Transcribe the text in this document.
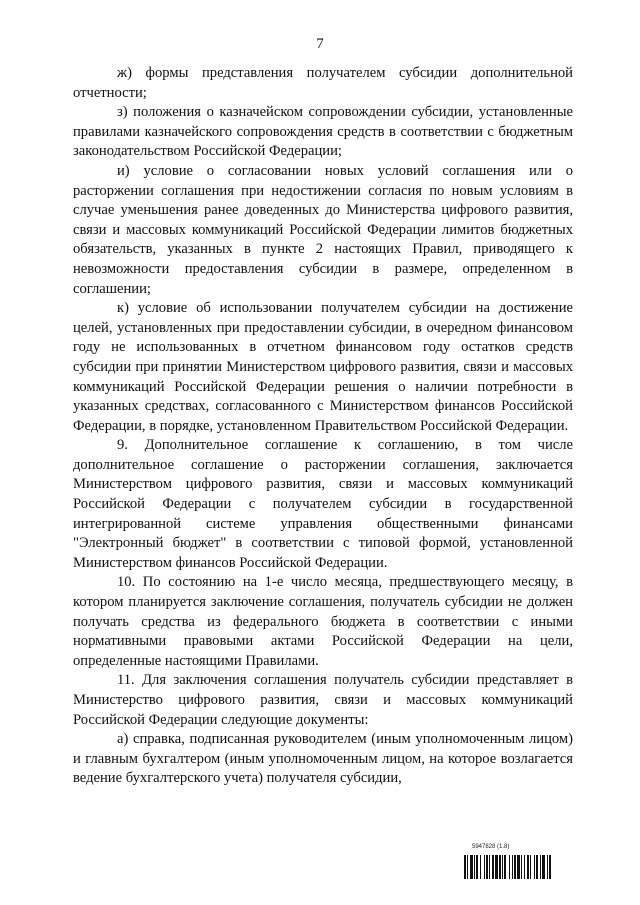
7

ж) формы представления получателем субсидии дополнительной отчетности;

з) положения о казначейском сопровождении субсидии, установленные правилами казначейского сопровождения средств в соответствии с бюджетным законодательством Российской Федерации;

и) условие о согласовании новых условий соглашения или о расторжении соглашения при недостижении согласия по новым условиям в случае уменьшения ранее доведенных до Министерства цифрового развития, связи и массовых коммуникаций Российской Федерации лимитов бюджетных обязательств, указанных в пункте 2 настоящих Правил, приводящего к невозможности предоставления субсидии в размере, определенном в соглашении;

к) условие об использовании получателем субсидии на достижение целей, установленных при предоставлении субсидии, в очередном финансовом году не использованных в отчетном финансовом году остатков средств субсидии при принятии Министерством цифрового развития, связи и массовых коммуникаций Российской Федерации решения о наличии потребности в указанных средствах, согласованного с Министерством финансов Российской Федерации, в порядке, установленном Правительством Российской Федерации.

9. Дополнительное соглашение к соглашению, в том числе дополнительное соглашение о расторжении соглашения, заключается Министерством цифрового развития, связи и массовых коммуникаций Российской Федерации с получателем субсидии в государственной интегрированной системе управления общественными финансами "Электронный бюджет" в соответствии с типовой формой, установленной Министерством финансов Российской Федерации.

10. По состоянию на 1-е число месяца, предшествующего месяцу, в котором планируется заключение соглашения, получатель субсидии не должен получать средства из федерального бюджета в соответствии с иными нормативными правовыми актами Российской Федерации на цели, определенные настоящими Правилами.

11. Для заключения соглашения получатель субсидии представляет в Министерство цифрового развития, связи и массовых коммуникаций Российской Федерации следующие документы:

а) справка, подписанная руководителем (иным уполномоченным лицом) и главным бухгалтером (иным уполномоченным лицом, на которое возлагается ведение бухгалтерского учета) получателя субсидии,

5947828 (1.8)
